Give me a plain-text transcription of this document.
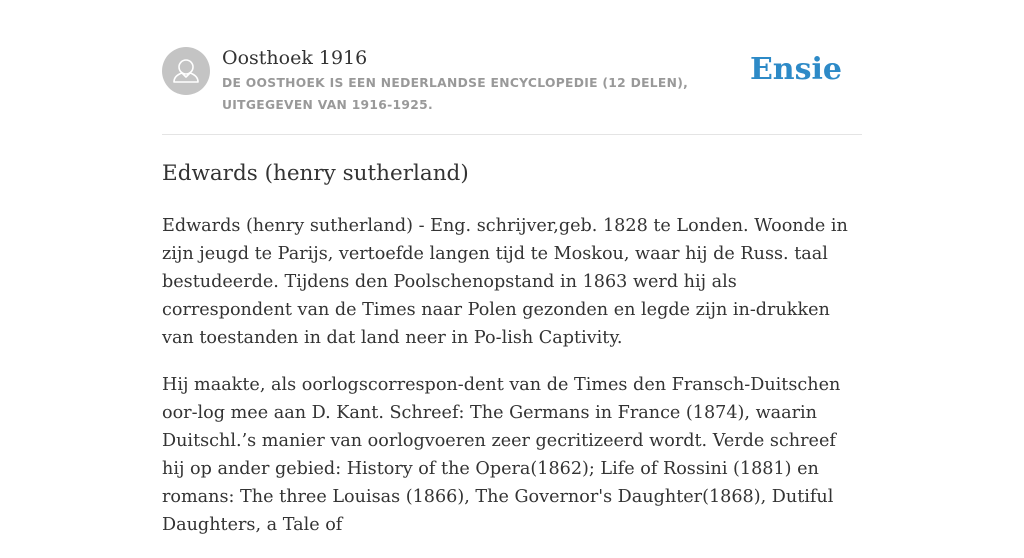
Oosthoek 1916
DE OOSTHOEK IS EEN NEDERLANDSE ENCYCLOPEDIE (12 DELEN), UITGEGEVEN VAN 1916-1925.
Ensie
Edwards (henry sutherland)

Edwards (henry sutherland) - Eng. schrijver,geb. 1828 te Londen. Woonde in zijn jeugd te Parijs, vertoefde langen tijd te Moskou, waar hij de Russ. taal bestudeerde. Tijdens den Poolschenopstand in 1863 werd hij als correspondent van de Times naar Polen gezonden en legde zijn in-drukken van toestanden in dat land neer in Po-lish Captivity.

Hij maakte, als oorlogscorrespon-dent van de Times den Fransch-Duitschen oor-log mee aan D. Kant. Schreef: The Germans in France (1874), waarin Duitschl.’s manier van oorlogvoeren zeer gecritizeerd wordt. Verde schreef hij op ander gebied: History of the Opera(1862); Life of Rossini (1881) en romans: The three Louisas (1866), The Governor's Daughter(1868), Dutiful Daughters, a Tale of
